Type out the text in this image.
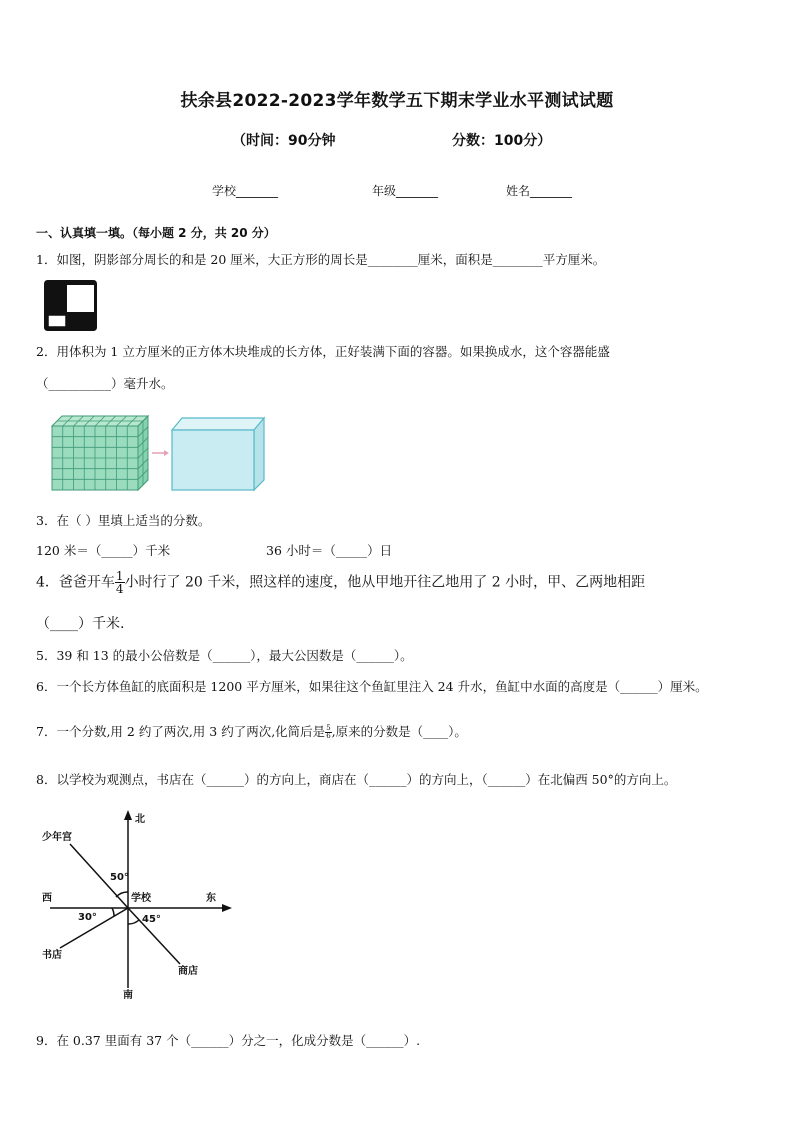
扶余县2022-2023学年数学五下期末学业水平测试试题
（时间：90分钟	分数：100分）
学校_______	年级_______	姓名_______
一、认真填一填。（每小题 2 分，共 20 分）
1．如图，阴影部分周长的和是 20 厘米，大正方形的周长是________厘米，面积是________平方厘米。
2．用体积为 1 立方厘米的正方体木块堆成的长方体，正好装满下面的容器。如果换成水，这个容器能盛
（__________）毫升水。
3．在（ ）里填上适当的分数。
120 米＝（_____）千米	36 小时＝（_____）日
4．爸爸开车 $\frac{1}{4}$ 小时行了 20 千米，照这样的速度，他从甲地开往乙地用了 2 小时，甲、乙两地相距
（____）千米.
5．39 和 13 的最小公倍数是（______），最大公因数是（______）。
6．一个长方体鱼缸的底面积是 1200 平方厘米，如果往这个鱼缸里注入 24 升水，鱼缸中水面的高度是（______）厘米。
7．一个分数,用 2 约了两次,用 3 约了两次,化简后是 $\frac{5}{6}$ ,原来的分数是（____）。
8．以学校为观测点，书店在（______）的方向上，商店在（______）的方向上，（______）在北偏西 50°的方向上。
北
南
东
西	学校
少年宫
书店
商店
50°
30°	45°
9．在 0.37 里面有 37 个（______）分之一，化成分数是（______）.
